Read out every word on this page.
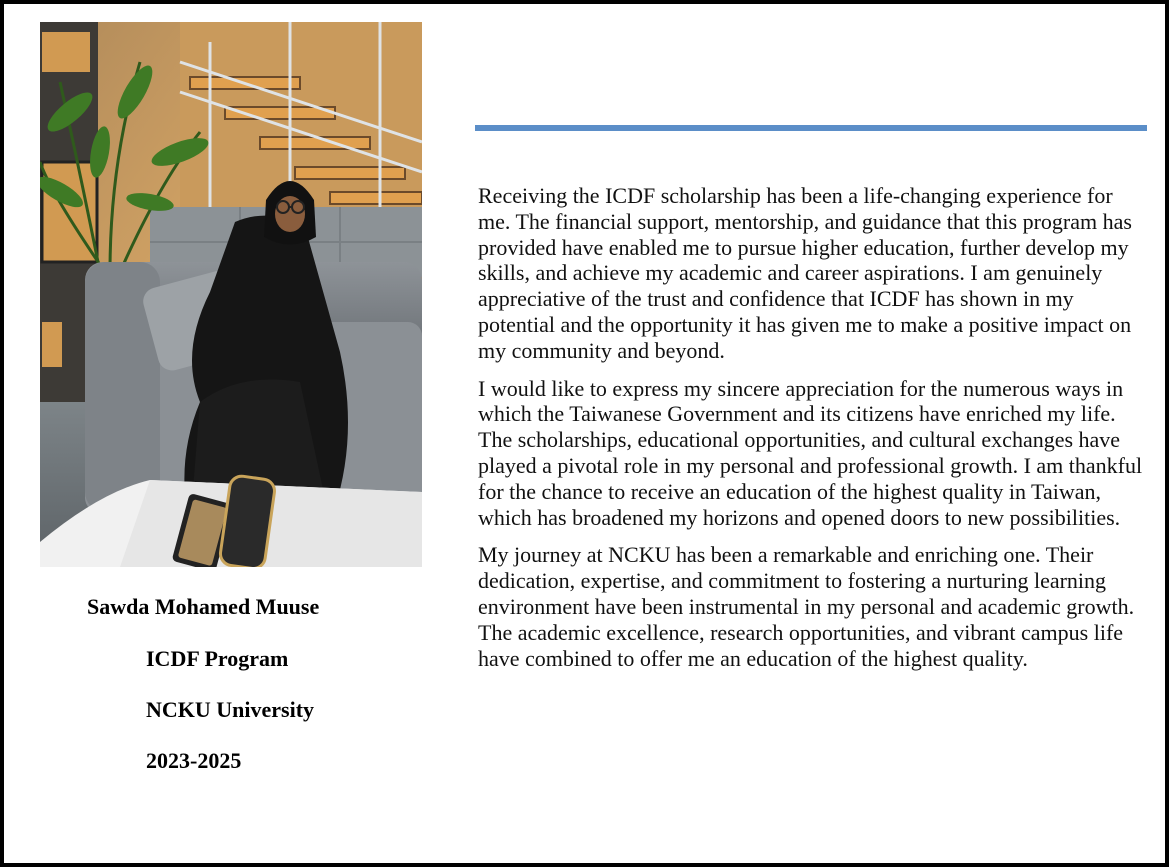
Sawda Mohamed Muuse
ICDF Program
NCKU University
2023-2025

Receiving the ICDF scholarship has been a life-changing experience for me. The financial support, mentorship, and guidance that this program has provided have enabled me to pursue higher education, further develop my skills, and achieve my academic and career aspirations. I am genuinely appreciative of the trust and confidence that ICDF has shown in my potential and the opportunity it has given me to make a positive impact on my community and beyond.

I would like to express my sincere appreciation for the numerous ways in which the Taiwanese Government and its citizens have enriched my life. The scholarships, educational opportunities, and cultural exchanges have played a pivotal role in my personal and professional growth. I am thankful for the chance to receive an education of the highest quality in Taiwan, which has broadened my horizons and opened doors to new possibilities.

My journey at NCKU has been a remarkable and enriching one. Their dedication, expertise, and commitment to fostering a nurturing learning environment have been instrumental in my personal and academic growth. The academic excellence, research opportunities, and vibrant campus life have combined to offer me an education of the highest quality.
